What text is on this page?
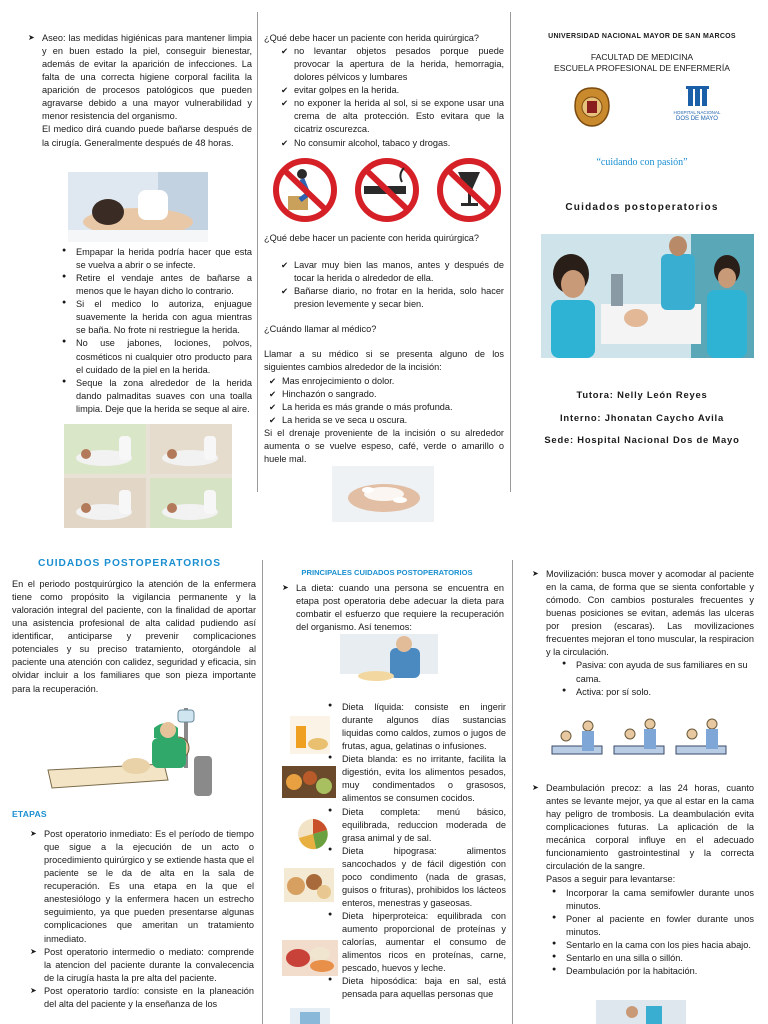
➤ Aseo: las medidas higiénicas para mantener limpia y en buen estado la piel, conseguir bienestar, además de evitar la aparición de infecciones. La falta de una correcta higiene corporal facilita la aparición de procesos patológicos que pueden agravarse debido a una mayor vulnerabilidad y menor resistencia del organismo.

El medico dirá cuando puede bañarse después de la cirugía. Generalmente después de 48 horas.

● Empapar la herida podría hacer que esta se vuelva a abrir o se infecte.
● Retire el vendaje antes de bañarse a menos que le hayan dicho lo contrario.
● Si el medico lo autoriza, enjuague suavemente la herida con agua mientras se baña. No frote ni restriegue la herida.
● No use jabones, lociones, polvos, cosméticos ni cualquier otro producto para el cuidado de la piel en la herida.
● Seque la zona alrededor de la herida dando palmaditas suaves con una toalla limpia. Deje que la herida se seque al aire.

¿Qué debe hacer un paciente con herida quirúrgica?

✔ no levantar objetos pesados porque puede provocar la apertura de la herida, hemorragia, dolores pélvicos y lumbares
✔ evitar golpes en la herida.
✔ no exponer la herida al sol, si se expone usar una crema de alta protección. Esto evitara que la cicatriz oscurezca.
✔ No consumir alcohol, tabaco y drogas.

¿Qué debe hacer un paciente con herida quirúrgica?

✔ Lavar muy bien las manos, antes y después de tocar la herida o alrededor de ella.
✔ Bañarse diario, no frotar en la herida, solo hacer presion levemente y secar bien.

¿Cuándo llamar al médico?

Llamar a su médico si se presenta alguno de los siguientes cambios alrededor de la incisión:

✔ Mas enrojecimiento o dolor.
✔ Hinchazón o sangrado.
✔ La herida es más grande o más profunda.
✔ La herida se ve seca u oscura.

Si el drenaje proveniente de la incisión o su alrededor aumenta o se vuelve espeso, café, verde o amarillo o huele mal.

UNIVERSIDAD NACIONAL MAYOR DE SAN MARCOS
FACULTAD DE MEDICINA
ESCUELA PROFESIONAL DE ENFERMERÍA
HOSPITAL NACIONAL
DOS DE MAYO
“cuidando con pasión”
Cuidados postoperatorios
Tutora: Nelly León Reyes
Interno: Jhonatan Caycho Avila
Sede: Hospital Nacional Dos de Mayo
CUIDADOS POSTOPERATORIOS
En el periodo postquirúrgico la atención de la enfermera tiene como propósito la vigilancia permanente y la valoración integral del paciente, con la finalidad de aportar una asistencia profesional de alta calidad pudiendo así identificar, anticiparse y prevenir complicaciones potenciales y su preciso tratamiento, otorgándole al paciente una atención con calidez, seguridad y eficacia, sin olvidar incluir a los familiares que son pieza importante para la recuperación.
ETAPAS
➤ Post operatorio inmediato: Es el período de tiempo que sigue a la ejecución de un acto o procedimiento quirúrgico y se extiende hasta que el paciente se le da de alta en la sala de recuperación. Es una etapa en la que el anestesiólogo y la enfermera hacen un estrecho seguimiento, ya que pueden presentarse algunas complicaciones que ameritan un tratamiento inmediato.
➤ Post operatorio intermedio o mediato: comprende la atencion del paciente durante la convalecencia de la cirugía hasta la pre alta del paciente.
➤ Post operatorio tardío: consiste en la planeación del alta del paciente y la enseñanza de los
PRINCIPALES CUIDADOS POSTOPERATORIOS
➤ La dieta: cuando una persona se encuentra en etapa post operatoria debe adecuar la dieta para combatir el esfuerzo que requiere la recuperación del organismo. Así tenemos:
● Dieta líquida: consiste en ingerir durante algunos días sustancias liquidas como caldos, zumos o jugos de frutas, agua, gelatinas o infusiones.
● Dieta blanda: es no irritante, facilita la digestión, evita los alimentos pesados, muy condimentados o grasosos, alimentos se consumen cocidos.
● Dieta completa: menú básico, equilibrada, reduccion moderada de grasa animal y de sal.
● Dieta hipograsa: alimentos sancochados y de fácil digestión con poco condimento (nada de grasas, guisos o frituras), prohibidos los lácteos enteros, menestras y gaseosas.
● Dieta hiperproteica: equilibrada con aumento proporcional de proteínas y calorías, aumentar el consumo de alimentos ricos en proteínas, carne, pescado, huevos y leche.
● Dieta hiposódica: baja en sal, está pensada para aquellas personas que
➤ Movilización: busca mover y acomodar al paciente en la cama, de forma que se sienta confortable y cómodo. Con cambios posturales frecuentes y buenas posiciones se evitan, además las ulceras por presion (escaras). Las movilizaciones frecuentes mejoran el tono muscular, la respiracion y la circulación.
● Pasiva: con ayuda de sus familiares en su cama.
● Activa: por sí solo.
➤ Deambulación precoz: a las 24 horas, cuanto antes se levante mejor, ya que al estar en la cama hay peligro de trombosis. La deambulación evita complicaciones futuras. La aplicación de la mecánica corporal influye en el adecuado funcionamiento gastrointestinal y la correcta circulación de la sangre.

Pasos a seguir para levantarse:

● Incorporar la cama semifowler durante unos minutos.
● Poner al paciente en fowler durante unos minutos.
● Sentarlo en la cama con los pies hacia abajo.
● Sentarlo en una silla o sillón.
● Deambulación por la habitación.
